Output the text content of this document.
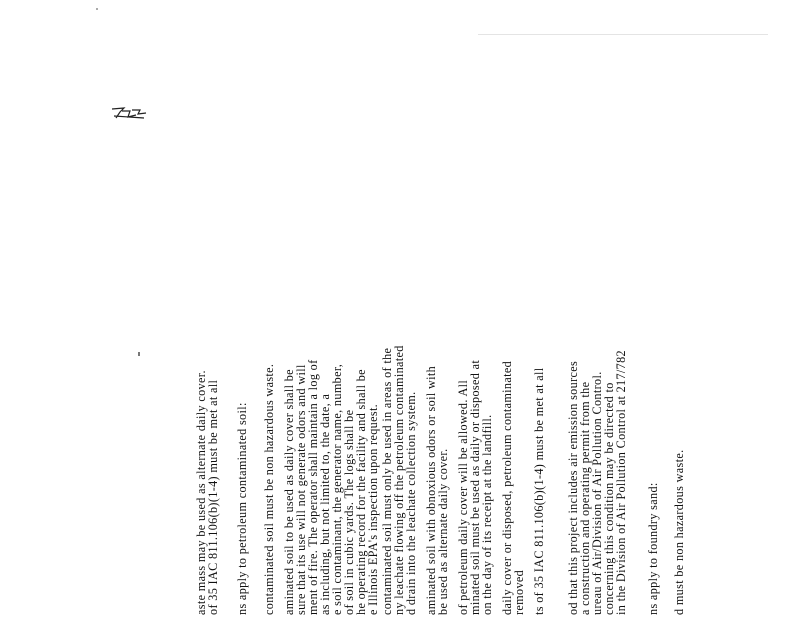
aste mass may be used as alternate daily cover.
of 35 IAC 811.106(b)(1-4) must be met at all ns apply to petroleum contaminated soil: contaminated soil must be non hazardous waste. aminated soil to be used as daily cover shall be
sure that its use will not generate odors and will
ment of fire. The operator shall maintain a log of
as including, but not limited to, the date, a
e soil contaminant, the generator name, number,
of soil in cubic yards. The logs shall be
he operating record for the facility and shall be
e Illinois EPA's inspection upon request. contaminated soil must only be used in areas of the
ny leachate flowing off the petroleum contaminated
d drain into the leachate collection system. aminated soil with obnoxious odors or soil with
be used as alternate daily cover. of petroleum daily cover will be allowed. All
minated soil must be used as daily or disposed at
on the day of its receipt at the landfill. daily cover or disposed, petroleum contaminated
removed ts of 35 IAC 811.106(b)(1-4) must be met at all od that this project includes air emission sources
a construction and operating permit from the
ureau of Air/Division of Air Pollution Control.
concerning this condition may be directed to
in the Division of Air Pollution Control at 217/782 ns apply to foundry sand: d must be non hazardous waste.
